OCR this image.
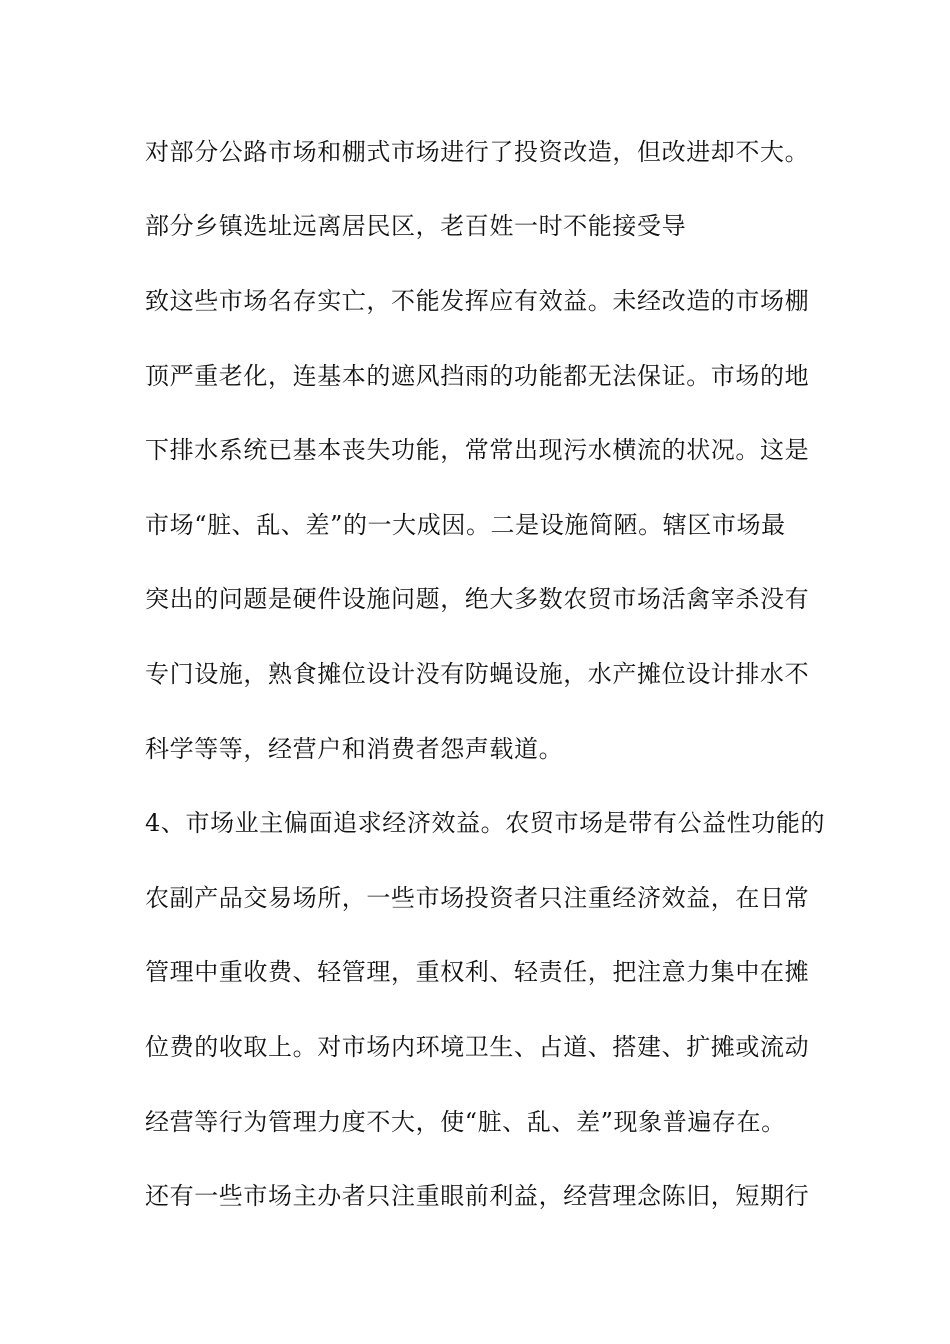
对部分公路市场和棚式市场进行了投资改造，但改进却不大。
部分乡镇选址远离居民区，老百姓一时不能接受导
致这些市场名存实亡，不能发挥应有效益。未经改造的市场棚
顶严重老化，连基本的遮风挡雨的功能都无法保证。市场的地
下排水系统已基本丧失功能，常常出现污水横流的状况。这是
市场“脏、乱、差”的一大成因。二是设施简陋。辖区市场最
突出的问题是硬件设施问题，绝大多数农贸市场活禽宰杀没有
专门设施，熟食摊位设计没有防蝇设施，水产摊位设计排水不
科学等等，经营户和消费者怨声载道。
4、市场业主偏面追求经济效益。农贸市场是带有公益性功能的
农副产品交易场所，一些市场投资者只注重经济效益，在日常
管理中重收费、轻管理，重权利、轻责任，把注意力集中在摊
位费的收取上。对市场内环境卫生、占道、搭建、扩摊或流动
经营等行为管理力度不大，使“脏、乱、差”现象普遍存在。
还有一些市场主办者只注重眼前利益，经营理念陈旧，短期行
